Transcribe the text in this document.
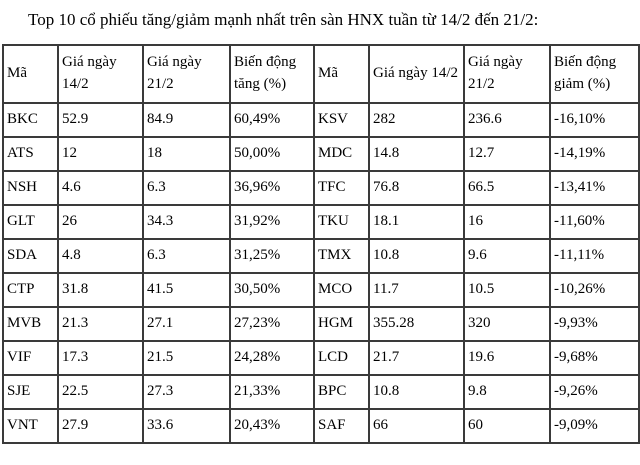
Top 10 cổ phiếu tăng/giảm mạnh nhất trên sàn HNX tuần từ 14/2 đến 21/2:
Mã	Giá ngày 14/2	Giá ngày 21/2	Biến động tăng (%)	Mã	Giá ngày 14/2	Giá ngày 21/2	Biến động giảm (%)
BKC	52.9	84.9	60,49%	KSV	282	236.6	-16,10%
ATS	12	18	50,00%	MDC	14.8	12.7	-14,19%
NSH	4.6	6.3	36,96%	TFC	76.8	66.5	-13,41%
GLT	26	34.3	31,92%	TKU	18.1	16	-11,60%
SDA	4.8	6.3	31,25%	TMX	10.8	9.6	-11,11%
CTP	31.8	41.5	30,50%	MCO	11.7	10.5	-10,26%
MVB	21.3	27.1	27,23%	HGM	355.28	320	-9,93%
VIF	17.3	21.5	24,28%	LCD	21.7	19.6	-9,68%
SJE	22.5	27.3	21,33%	BPC	10.8	9.8	-9,26%
VNT	27.9	33.6	20,43%	SAF	66	60	-9,09%
